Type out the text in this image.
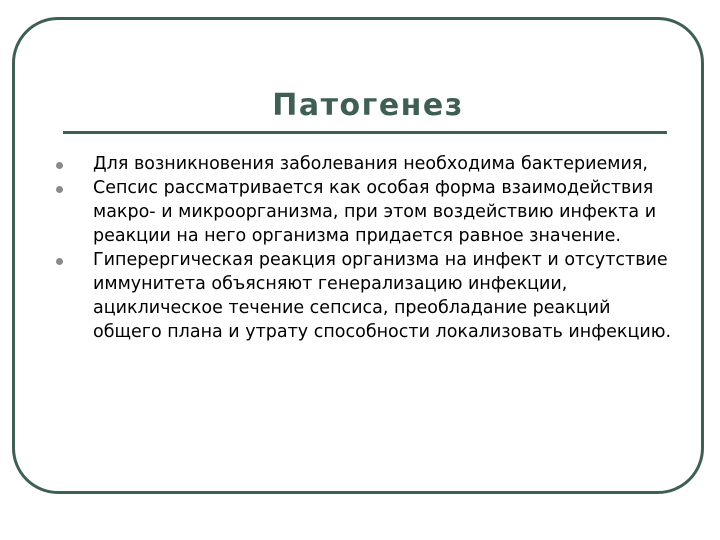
Патогенез
Для возникновения заболевания необходима бактериемия,
Сепсис рассматривается как особая форма взаимодействия макро- и микроорганизма, при этом воздействию инфекта и реакции на него организма придается равное значение.
Гиперергическая реакция организма на инфект и отсутствие иммунитета объясняют генерализацию инфекции, ациклическое течение сепсиса, преобладание реакций общего плана и утрату способности локализовать инфекцию.
